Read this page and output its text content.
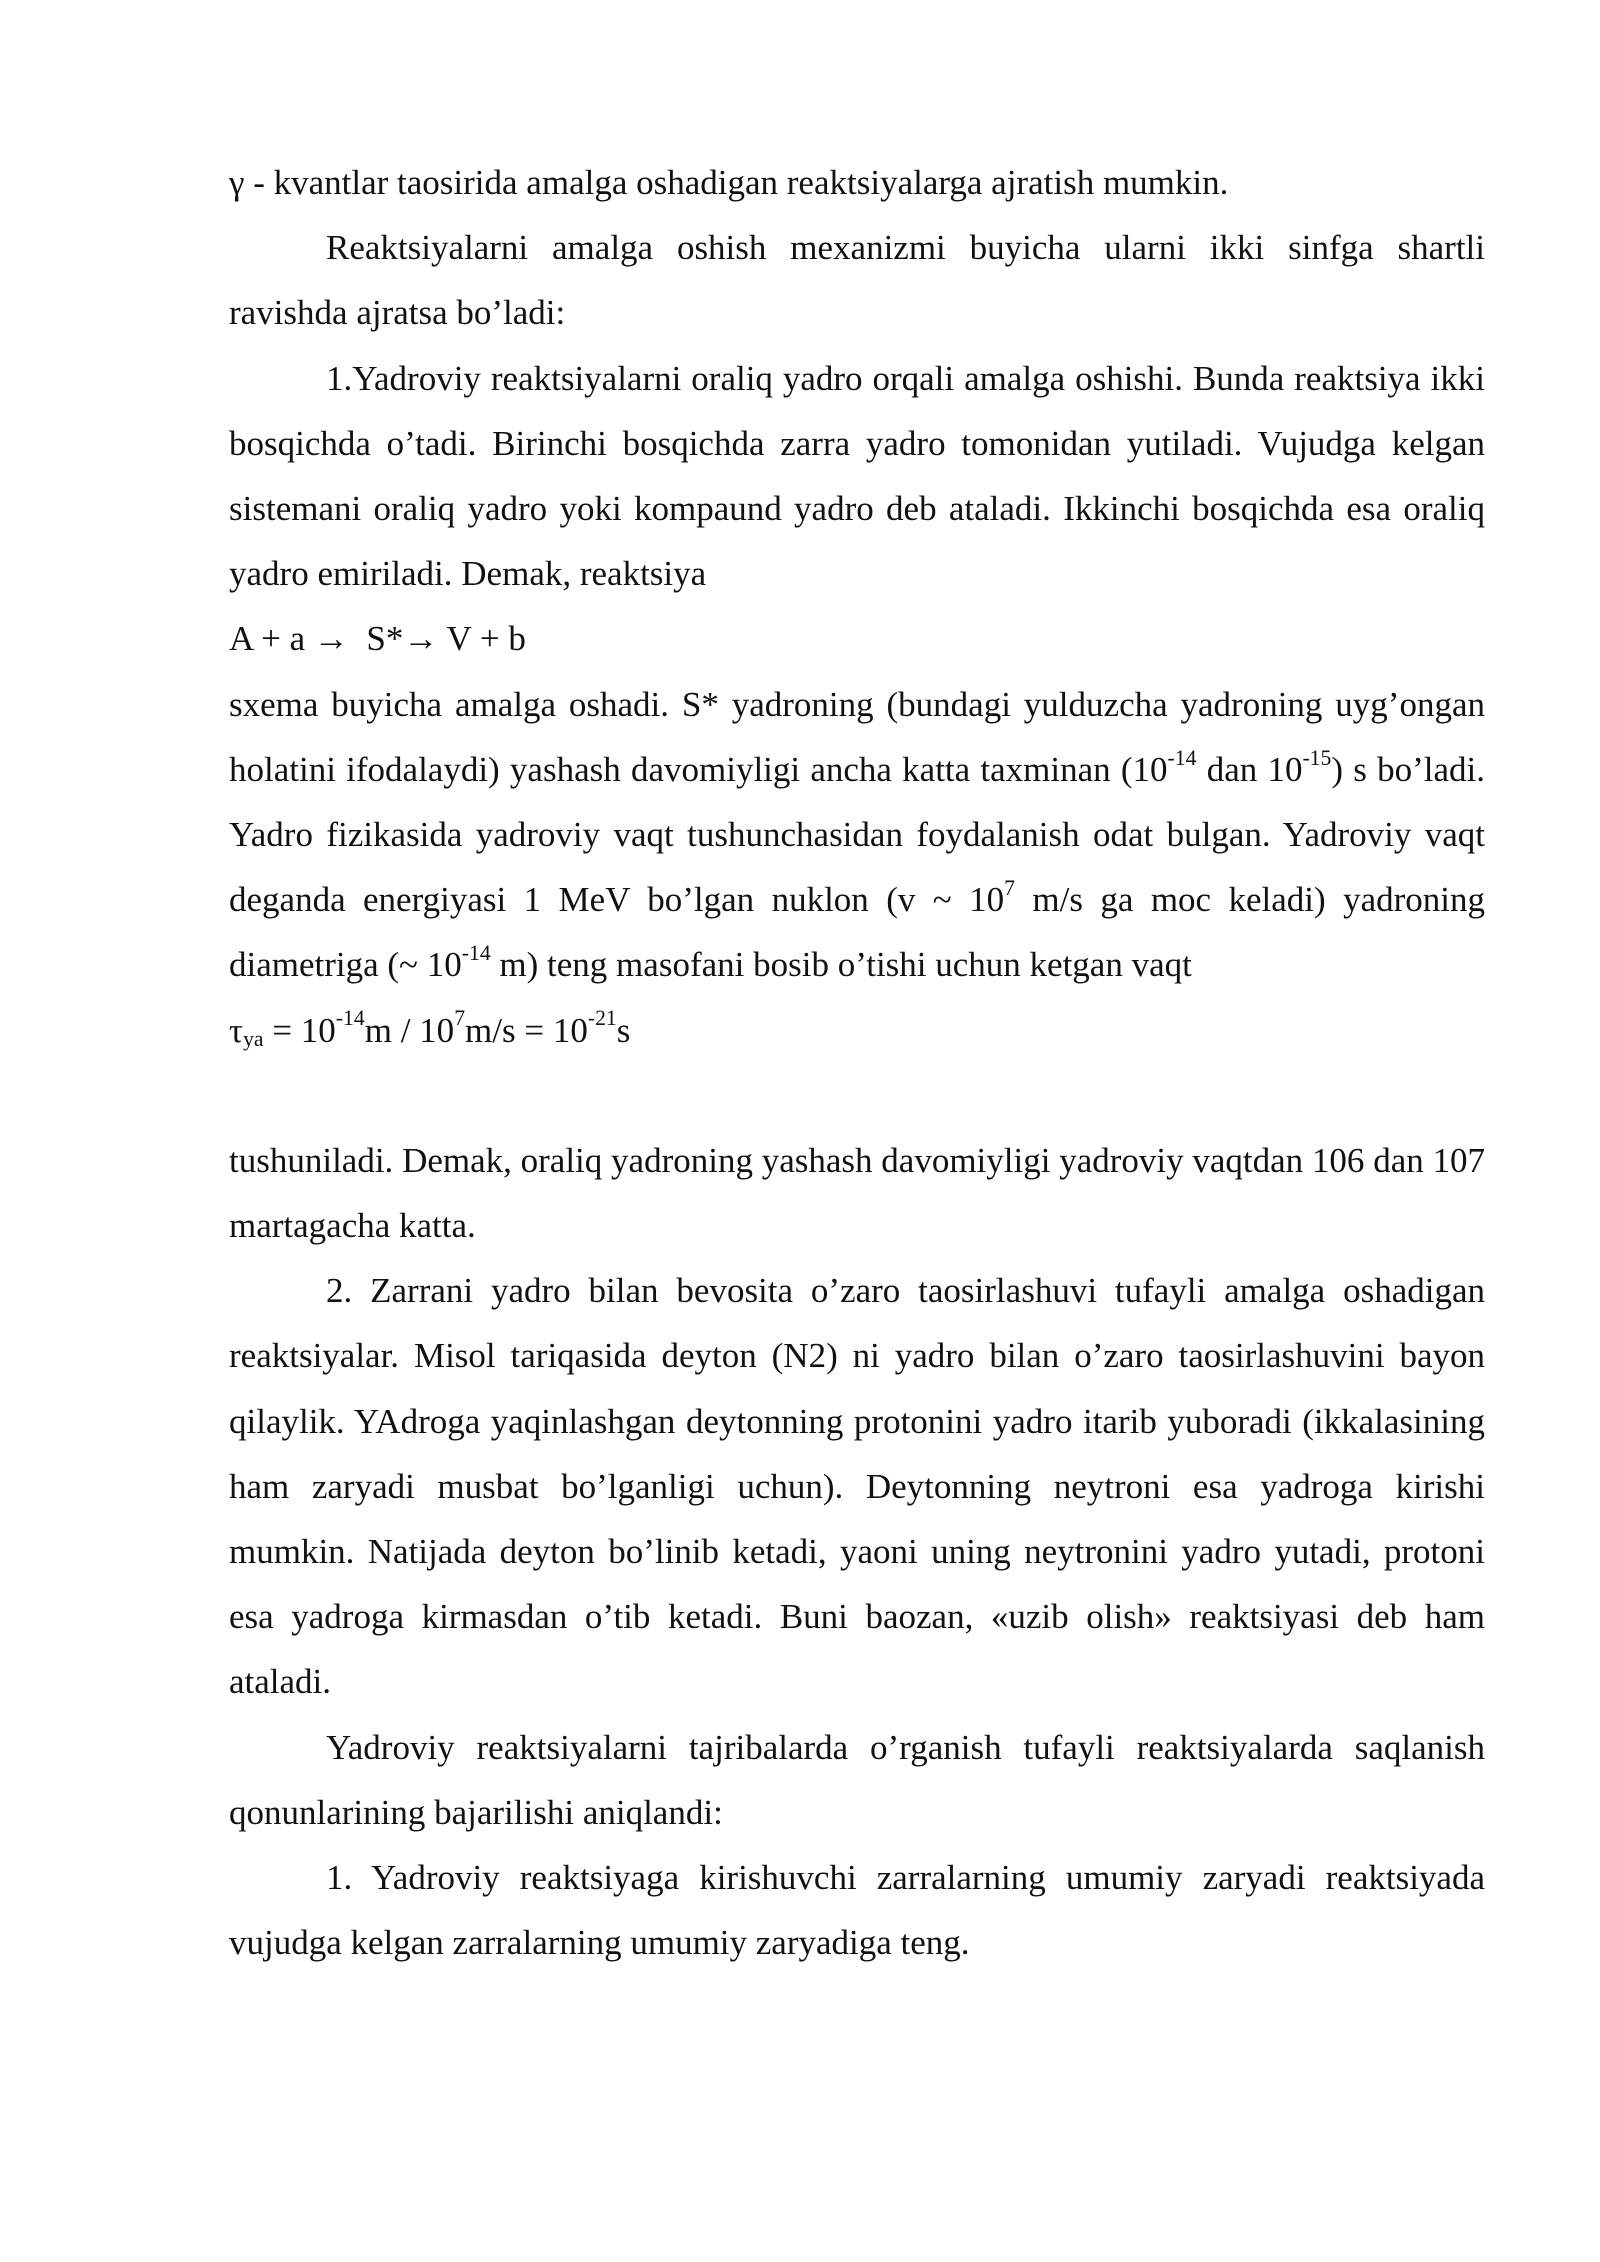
γ - kvantlar taosirida amalga oshadigan reaktsiyalarga ajratish mumkin.

Reaktsiyalarni amalga oshish mexanizmi buyicha ularni ikki sinfga shartli ravishda ajratsa bo’ladi:

1.Yadroviy reaktsiyalarni oraliq yadro orqali amalga oshishi. Bunda reaktsiya ikki bosqichda o’tadi. Birinchi bosqichda zarra yadro tomonidan yutiladi. Vujudga kelgan sistemani oraliq yadro yoki kompaund yadro deb ataladi. Ikkinchi bosqichda esa oraliq yadro emiriladi. Demak, reaktsiya

A + a →  S*→ V + b

sxema buyicha amalga oshadi. S* yadroning (bundagi yulduzcha yadroning uyg’ongan holatini ifodalaydi) yashash davomiyligi ancha katta taxminan ($10^{-14}$ dan $10^{-15}$) s bo’ladi. Yadro fizikasida yadroviy vaqt tushunchasidan foydalanish odat bulgan. Yadroviy vaqt deganda energiyasi 1 MeV bo’lgan nuklon (v ~ $10^7$ m/s ga moc keladi) yadroning diametriga (~ $10^{-14}$ m) teng masofani bosib o’tishi uchun ketgan vaqt

$\tau ya = 10^{-14}m / 10^7m/s = 10^{-21}s$

tushuniladi. Demak, oraliq yadroning yashash davomiyligi yadroviy vaqtdan 106 dan 107 martagacha katta.

2. Zarrani yadro bilan bevosita o’zaro taosirlashuvi tufayli amalga oshadigan reaktsiyalar. Misol tariqasida deyton (N2) ni yadro bilan o’zaro taosirlashuvini bayon qilaylik. YAdroga yaqinlashgan deytonning protonini yadro itarib yuboradi (ikkalasining ham zaryadi musbat bo’lganligi uchun). Deytonning neytroni esa yadroga kirishi mumkin. Natijada deyton bo’linib ketadi, yaoni uning neytronini yadro yutadi, protoni esa yadroga kirmasdan o’tib ketadi. Buni baozan, «uzib olish» reaktsiyasi deb ham ataladi.

Yadroviy reaktsiyalarni tajribalarda o’rganish tufayli reaktsiyalarda saqlanish qonunlarining bajarilishi aniqlandi:

1. Yadroviy reaktsiyaga kirishuvchi zarralarning umumiy zaryadi reaktsiyada vujudga kelgan zarralarning umumiy zaryadiga teng.
